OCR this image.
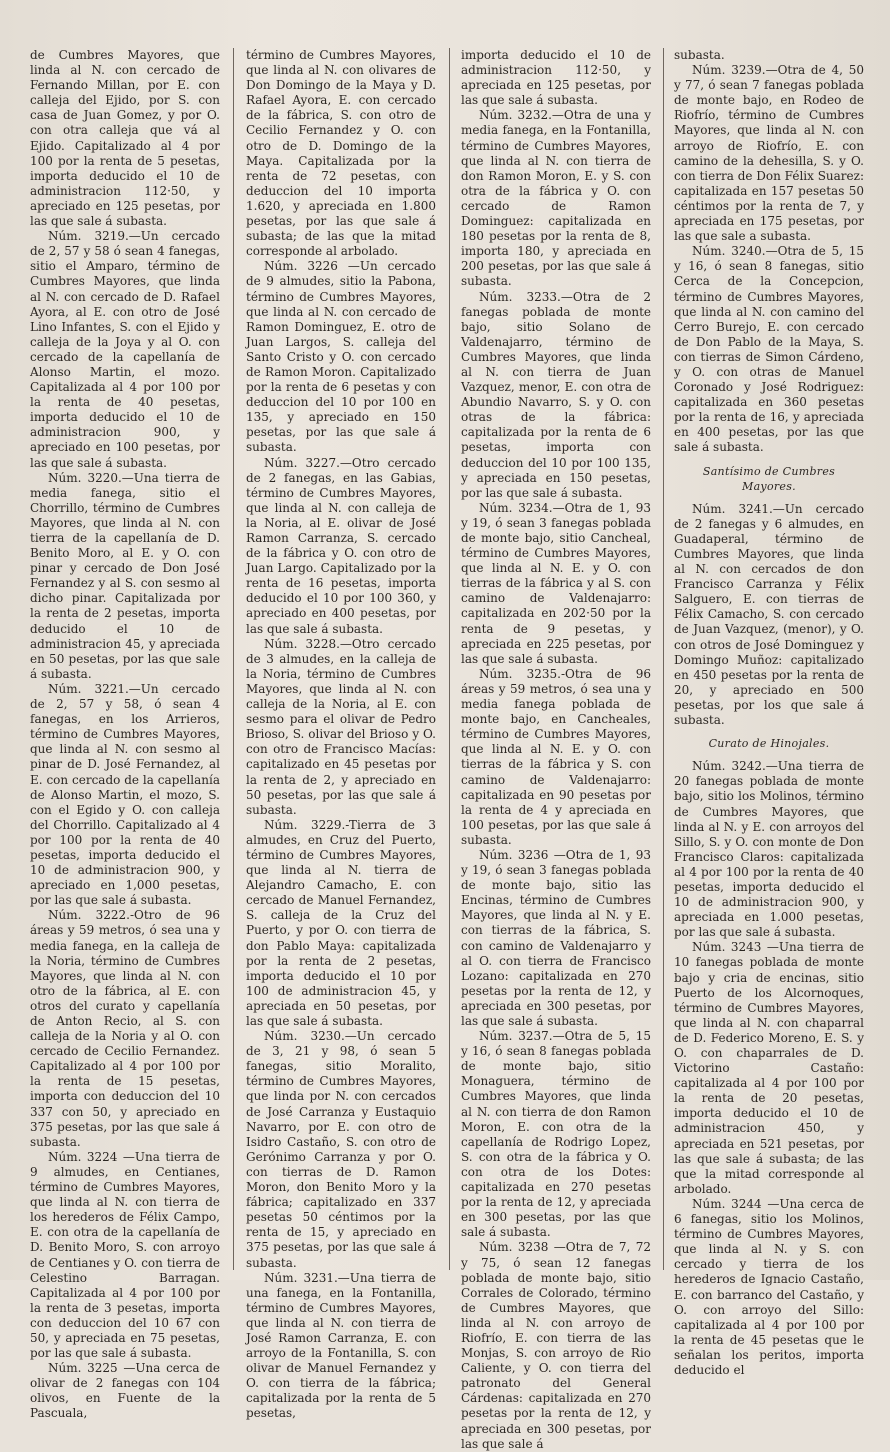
de Cumbres Mayores, que linda al N. con cercado de Fernando Millan, por E. con calleja del Ejido, por S. con casa de Juan Gomez, y por O. con otra calleja que vá al Ejido. Capitalizado al 4 por 100 por la renta de 5 pesetas, importa deducido el 10 de administracion 112·50, y apreciado en 125 pesetas, por las que sale á subasta.

Núm. 3219.—Un cercado de 2, 57 y 58 ó sean 4 fanegas, sitio el Amparo, término de Cumbres Mayores, que linda al N. con cercado de D. Rafael Ayora, al E. con otro de José Lino Infantes, S. con el Ejido y calleja de la Joya y al O. con cercado de la capellanía de Alonso Martin, el mozo. Capitalizada al 4 por 100 por la renta de 40 pesetas, importa deducido el 10 de administracion 900, y apreciado en 100 pesetas, por las que sale á subasta.

Núm. 3220.—Una tierra de media fanega, sitio el Chorrillo, término de Cumbres Mayores, que linda al N. con tierra de la capellanía de D. Benito Moro, al E. y O. con pinar y cercado de Don José Fernandez y al S. con sesmo al dicho pinar. Capitalizada por la renta de 2 pesetas, importa deducido el 10 de administracion 45, y apreciada en 50 pesetas, por las que sale á subasta.

Núm. 3221.—Un cercado de 2, 57 y 58, ó sean 4 fanegas, en los Arrieros, término de Cumbres Mayores, que linda al N. con sesmo al pinar de D. José Fernandez, al E. con cercado de la capellanía de Alonso Martin, el mozo, S. con el Egido y O. con calleja del Chorrillo. Capitalizado al 4 por 100 por la renta de 40 pesetas, importa deducido el 10 de administracion 900, y apreciado en 1,000 pesetas, por las que sale á subasta.

Núm. 3222.-Otro de 96 áreas y 59 metros, ó sea una y media fanega, en la calleja de la Noria, término de Cumbres Mayores, que linda al N. con otro de la fábrica, al E. con otros del curato y capellanía de Anton Recio, al S. con calleja de la Noria y al O. con cercado de Cecilio Fernandez. Capitalizado al 4 por 100 por la renta de 15 pesetas, importa con deduccion del 10 337 con 50, y apreciado en 375 pesetas, por las que sale á subasta.

Núm. 3224 —Una tierra de 9 almudes, en Centianes, término de Cumbres Mayores, que linda al N. con tierra de los herederos de Félix Campo, E. con otra de la capellanía de D. Benito Moro, S. con arroyo de Centianes y O. con tierra de Celestino Barragan. Capitalizada al 4 por 100 por la renta de 3 pesetas, importa con deduccion del 10 67 con 50, y apreciada en 75 pesetas, por las que sale á subasta.

Núm. 3225 —Una cerca de olivar de 2 fanegas con 104 olivos, en Fuente de la Pascuala,

término de Cumbres Mayores, que linda al N. con olivares de Don Domingo de la Maya y D. Rafael Ayora, E. con cercado de la fábrica, S. con otro de Cecilio Fernandez y O. con otro de D. Domingo de la Maya. Capitalizada por la renta de 72 pesetas, con deduccion del 10 importa 1.620, y apreciada en 1.800 pesetas, por las que sale á subasta; de las que la mitad corresponde al arbolado.

Núm. 3226 —Un cercado de 9 almudes, sitio la Pabona, término de Cumbres Mayores, que linda al N. con cercado de Ramon Dominguez, E. otro de Juan Largos, S. calleja del Santo Cristo y O. con cercado de Ramon Moron. Capitalizado por la renta de 6 pesetas y con deduccion del 10 por 100 en 135, y apreciado en 150 pesetas, por las que sale á subasta.

Núm. 3227.—Otro cercado de 2 fanegas, en las Gabias, término de Cumbres Mayores, que linda al N. con calleja de la Noria, al E. olivar de José Ramon Carranza, S. cercado de la fábrica y O. con otro de Juan Largo. Capitalizado por la renta de 16 pesetas, importa deducido el 10 por 100 360, y apreciado en 400 pesetas, por las que sale á subasta.

Núm. 3228.—Otro cercado de 3 almudes, en la calleja de la Noria, término de Cumbres Mayores, que linda al N. con calleja de la Noria, al E. con sesmo para el olivar de Pedro Brioso, S. olivar del Brioso y O. con otro de Francisco Macías: capitalizado en 45 pesetas por la renta de 2, y apreciado en 50 pesetas, por las que sale á subasta.

Núm. 3229.-Tierra de 3 almudes, en Cruz del Puerto, término de Cumbres Mayores, que linda al N. tierra de Alejandro Camacho, E. con cercado de Manuel Fernandez, S. calleja de la Cruz del Puerto, y por O. con tierra de don Pablo Maya: capitalizada por la renta de 2 pesetas, importa deducido el 10 por 100 de administracion 45, y apreciada en 50 pesetas, por las que sale á subasta.

Núm. 3230.—Un cercado de 3, 21 y 98, ó sean 5 fanegas, sitio Moralito, término de Cumbres Mayores, que linda por N. con cercados de José Carranza y Eustaquio Navarro, por E. con otro de Isidro Castaño, S. con otro de Gerónimo Carranza y por O. con tierras de D. Ramon Moron, don Benito Moro y la fábrica; capitalizado en 337 pesetas 50 céntimos por la renta de 15, y apreciado en 375 pesetas, por las que sale á subasta.

Núm. 3231.—Una tierra de una fanega, en la Fontanilla, término de Cumbres Mayores, que linda al N. con tierra de José Ramon Carranza, E. con arroyo de la Fontanilla, S. con olivar de Manuel Fernandez y O. con tierra de la fábrica; capitalizada por la renta de 5 pesetas,

importa deducido el 10 de administracion 112·50, y apreciada en 125 pesetas, por las que sale á subasta.

Núm. 3232.—Otra de una y media fanega, en la Fontanilla, término de Cumbres Mayores, que linda al N. con tierra de don Ramon Moron, E. y S. con otra de la fábrica y O. con cercado de Ramon Dominguez: capitalizada en 180 pesetas por la renta de 8, importa 180, y apreciada en 200 pesetas, por las que sale á subasta.

Núm. 3233.—Otra de 2 fanegas poblada de monte bajo, sitio Solano de Valdenajarro, término de Cumbres Mayores, que linda al N. con tierra de Juan Vazquez, menor, E. con otra de Abundio Navarro, S. y O. con otras de la fábrica: capitalizada por la renta de 6 pesetas, importa con deduccion del 10 por 100 135, y apreciada en 150 pesetas, por las que sale á subasta.

Núm. 3234.—Otra de 1, 93 y 19, ó sean 3 fanegas poblada de monte bajo, sitio Cancheal, término de Cumbres Mayores, que linda al N. E. y O. con tierras de la fábrica y al S. con camino de Valdenajarro: capitalizada en 202·50 por la renta de 9 pesetas, y apreciada en 225 pesetas, por las que sale á subasta.

Núm. 3235.-Otra de 96 áreas y 59 metros, ó sea una y media fanega poblada de monte bajo, en Cancheales, término de Cumbres Mayores, que linda al N. E. y O. con tierras de la fábrica y S. con camino de Valdenajarro: capitalizada en 90 pesetas por la renta de 4 y apreciada en 100 pesetas, por las que sale á subasta.

Núm. 3236 —Otra de 1, 93 y 19, ó sean 3 fanegas poblada de monte bajo, sitio las Encinas, término de Cumbres Mayores, que linda al N. y E. con tierras de la fábrica, S. con camino de Valdenajarro y al O. con tierra de Francisco Lozano: capitalizada en 270 pesetas por la renta de 12, y apreciada en 300 pesetas, por las que sale á subasta.

Núm. 3237.—Otra de 5, 15 y 16, ó sean 8 fanegas poblada de monte bajo, sitio Monaguera, término de Cumbres Mayores, que linda al N. con tierra de don Ramon Moron, E. con otra de la capellanía de Rodrigo Lopez, S. con otra de la fábrica y O. con otra de los Dotes: capitalizada en 270 pesetas por la renta de 12, y apreciada en 300 pesetas, por las que sale á subasta.

Núm. 3238 —Otra de 7, 72 y 75, ó sean 12 fanegas poblada de monte bajo, sitio Corrales de Colorado, término de Cumbres Mayores, que linda al N. con arroyo de Riofrío, E. con tierra de las Monjas, S. con arroyo de Rio Caliente, y O. con tierra del patronato del General Cárdenas: capitalizada en 270 pesetas por la renta de 12, y apreciada en 300 pesetas, por las que sale á

subasta.

Núm. 3239.—Otra de 4, 50 y 77, ó sean 7 fanegas poblada de monte bajo, en Rodeo de Riofrío, término de Cumbres Mayores, que linda al N. con arroyo de Riofrío, E. con camino de la dehesilla, S. y O. con tierra de Don Félix Suarez: capitalizada en 157 pesetas 50 céntimos por la renta de 7, y apreciada en 175 pesetas, por las que sale a subasta.

Núm. 3240.—Otra de 5, 15 y 16, ó sean 8 fanegas, sitio Cerca de la Concepcion, término de Cumbres Mayores, que linda al N. con camino del Cerro Burejo, E. con cercado de Don Pablo de la Maya, S. con tierras de Simon Cárdeno, y O. con otras de Manuel Coronado y José Rodriguez: capitalizada en 360 pesetas por la renta de 16, y apreciada en 400 pesetas, por las que sale á subasta.

Santísimo de Cumbres Mayores.

Núm. 3241.—Un cercado de 2 fanegas y 6 almudes, en Guadaperal, término de Cumbres Mayores, que linda al N. con cercados de don Francisco Carranza y Félix Salguero, E. con tierras de Félix Camacho, S. con cercado de Juan Vazquez, (menor), y O. con otros de José Dominguez y Domingo Muñoz: capitalizado en 450 pesetas por la renta de 20, y apreciado en 500 pesetas, por los que sale á subasta.

Curato de Hinojales.

Núm. 3242.—Una tierra de 20 fanegas poblada de monte bajo, sitio los Molinos, término de Cumbres Mayores, que linda al N. y E. con arroyos del Sillo, S. y O. con monte de Don Francisco Claros: capitalizada al 4 por 100 por la renta de 40 pesetas, importa deducido el 10 de administracion 900, y apreciada en 1.000 pesetas, por las que sale á subasta.

Núm. 3243 —Una tierra de 10 fanegas poblada de monte bajo y cria de encinas, sitio Puerto de los Alcornoques, término de Cumbres Mayores, que linda al N. con chaparral de D. Federico Moreno, E. S. y O. con chaparrales de D. Victorino Castaño: capitalizada al 4 por 100 por la renta de 20 pesetas, importa deducido el 10 de administracion 450, y apreciada en 521 pesetas, por las que sale á subasta; de las que la mitad corresponde al arbolado.

Núm. 3244 —Una cerca de 6 fanegas, sitio los Molinos, término de Cumbres Mayores, que linda al N. y S. con cercado y tierra de los herederos de Ignacio Castaño, E. con barranco del Castaño, y O. con arroyo del Sillo: capitalizada al 4 por 100 por la renta de 45 pesetas que le señalan los peritos, importa deducido el
